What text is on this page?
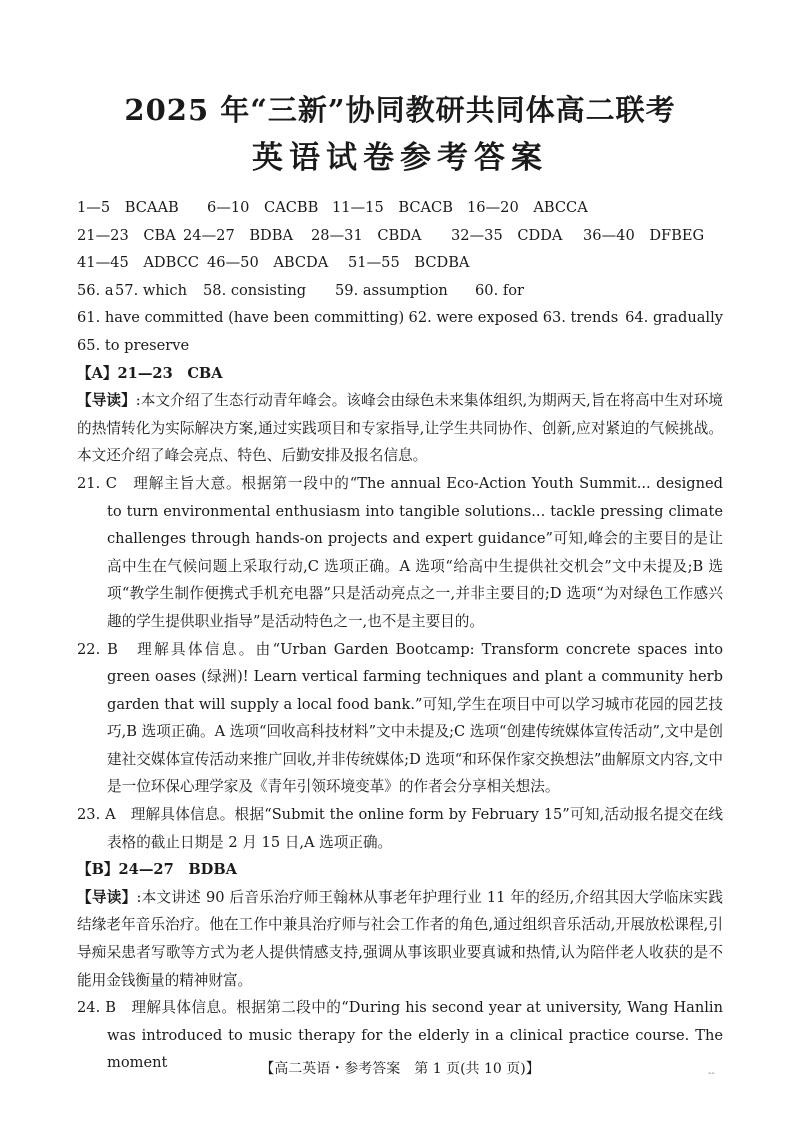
2025 年“三新”协同教研共同体高二联考
英语试卷参考答案
1—5　BCAAB	6—10　CACBB 11—15　BCACB 16—20　ABCCA
21—23　CBA 24—27　BDBA	28—31　CBDA	32—35　CDDA	36—40　DFBEG
41—45　ADBCC 46—50　ABCDA	51—55　BCDBA
56. a 57. which	58. consisting	59. assumption	60. for
61. have committed (have been committing) 62. were exposed 63. trends 64. gradually
65. to preserve
【A】21—23　CBA
【导读】:本文介绍了生态行动青年峰会。该峰会由绿色未来集体组织,为期两天,旨在将高中生对环境的热情转化为实际解决方案,通过实践项目和专家指导,让学生共同协作、创新,应对紧迫的气候挑战。本文还介绍了峰会亮点、特色、后勤安排及报名信息。
21. C　理解主旨大意。根据第一段中的“The annual Eco-Action Youth Summit... designed to turn environmental enthusiasm into tangible solutions... tackle pressing climate challenges through hands-on projects and expert guidance”可知,峰会的主要目的是让高中生在气候问题上采取行动,C 选项正确。A 选项“给高中生提供社交机会”文中未提及;B 选项“教学生制作便携式手机充电器”只是活动亮点之一,并非主要目的;D 选项“为对绿色工作感兴趣的学生提供职业指导”是活动特色之一,也不是主要目的。
22. B　理解具体信息。由“Urban Garden Bootcamp: Transform concrete spaces into green oases (绿洲)! Learn vertical farming techniques and plant a community herb garden that will supply a local food bank.”可知,学生在项目中可以学习城市花园的园艺技巧,B 选项正确。A 选项“回收高科技材料”文中未提及;C 选项“创建传统媒体宣传活动”,文中是创建社交媒体宣传活动来推广回收,并非传统媒体;D 选项“和环保作家交换想法”曲解原文内容,文中是一位环保心理学家及《青年引领环境变革》的作者会分享相关想法。
23. A　理解具体信息。根据“Submit the online form by February 15”可知,活动报名提交在线表格的截止日期是 2 月 15 日,A 选项正确。
【B】24—27　BDBA
【导读】:本文讲述 90 后音乐治疗师王翰林从事老年护理行业 11 年的经历,介绍其因大学临床实践结缘老年音乐治疗。他在工作中兼具治疗师与社会工作者的角色,通过组织音乐活动,开展放松课程,引导痴呆患者写歌等方式为老人提供情感支持,强调从事该职业要真诚和热情,认为陪伴老人收获的是不能用金钱衡量的精神财富。
24. B　理解具体信息。根据第二段中的“During his second year at university, Wang Hanlin was introduced to music therapy for the elderly in a clinical practice course. The moment	【高二英语・参考答案　第 1 页(共 10 页)】	--
